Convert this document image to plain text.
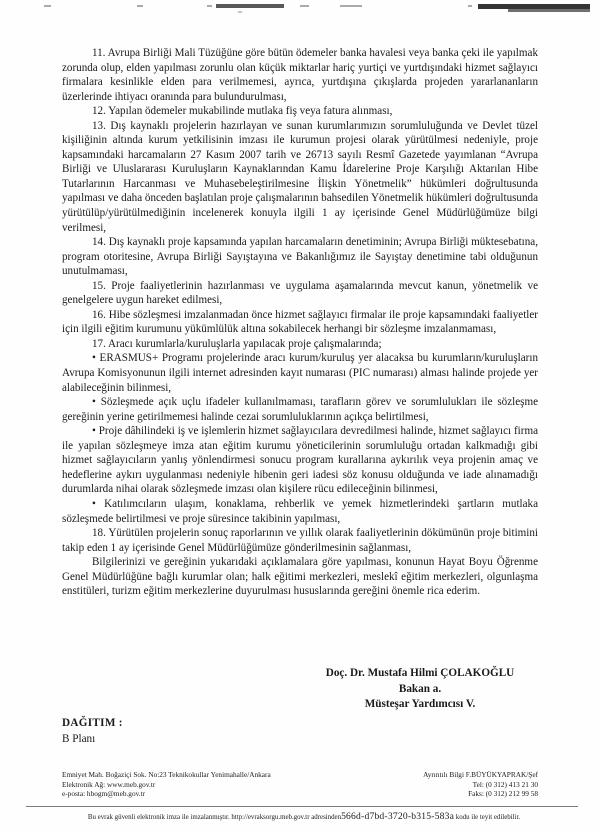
11. Avrupa Birliği Mali Tüzüğüne göre bütün ödemeler banka havalesi veya banka çeki ile yapılmak zorunda olup, elden yapılması zorunlu olan küçük miktarlar hariç yurtiçi ve yurtdışındaki hizmet sağlayıcı firmalara kesinlikle elden para verilmemesi, ayrıca, yurtdışına çıkışlarda projeden yararlananların üzerlerinde ihtiyacı oranında para bulundurulması,

12. Yapılan ödemeler mukabilinde mutlaka fiş veya fatura alınması,

13. Dış kaynaklı projelerin hazırlayan ve sunan kurumlarımızın sorumluluğunda ve Devlet tüzel kişiliğinin altında kurum yetkilisinin imzası ile kurumun projesi olarak yürütülmesi nedeniyle, proje kapsamındaki harcamaların 27 Kasım 2007 tarih ve 26713 sayılı Resmî Gazetede yayımlanan “Avrupa Birliği ve Uluslararası Kuruluşların Kaynaklarından Kamu İdarelerine Proje Karşılığı Aktarılan Hibe Tutarlarının Harcanması ve Muhasebeleştirilmesine İlişkin Yönetmelik” hükümleri doğrultusunda yapılması ve daha önceden başlatılan proje çalışmalarının bahsedilen Yönetmelik hükümleri doğrultusunda yürütülüp/yürütülmediğinin incelenerek konuyla ilgili 1 ay içerisinde Genel Müdürlüğümüze bilgi verilmesi,

14. Dış kaynaklı proje kapsamında yapılan harcamaların denetiminin; Avrupa Birliği müktesebatına, program otoritesine, Avrupa Birliği Sayıştayına ve Bakanlığımız ile Sayıştay denetimine tabi olduğunun unutulmaması,

15. Proje faaliyetlerinin hazırlanması ve uygulama aşamalarında mevcut kanun, yönetmelik ve genelgelere uygun hareket edilmesi,

16. Hibe sözleşmesi imzalanmadan önce hizmet sağlayıcı firmalar ile proje kapsamındaki faaliyetler için ilgili eğitim kurumunu yükümlülük altına sokabilecek herhangi bir sözleşme imzalanmaması,

17. Aracı kurumlarla/kuruluşlarla yapılacak proje çalışmalarında;

• ERASMUS+ Programı projelerinde aracı kurum/kuruluş yer alacaksa bu kurumların/kuruluşların Avrupa Komisyonunun ilgili internet adresinden kayıt numarası (PIC numarası) alması halinde projede yer alabileceğinin bilinmesi,

• Sözleşmede açık uçlu ifadeler kullanılmaması, tarafların görev ve sorumlulukları ile sözleşme gereğinin yerine getirilmemesi halinde cezai sorumluluklarının açıkça belirtilmesi,

• Proje dâhilindeki iş ve işlemlerin hizmet sağlayıcılara devredilmesi halinde, hizmet sağlayıcı firma ile yapılan sözleşmeye imza atan eğitim kurumu yöneticilerinin sorumluluğu ortadan kalkmadığı gibi hizmet sağlayıcıların yanlış yönlendirmesi sonucu program kurallarına aykırılık veya projenin amaç ve hedeflerine aykırı uygulanması nedeniyle hibenin geri iadesi söz konusu olduğunda ve iade alınamadığı durumlarda nihai olarak sözleşmede imzası olan kişilere rücu edileceğinin bilinmesi,

• Katılımcıların ulaşım, konaklama, rehberlik ve yemek hizmetlerindeki şartların mutlaka sözleşmede belirtilmesi ve proje süresince takibinin yapılması,

18. Yürütülen projelerin sonuç raporlarının ve yıllık olarak faaliyetlerinin dökümünün proje bitimini takip eden 1 ay içerisinde Genel Müdürlüğümüze gönderilmesinin sağlanması,

Bilgilerinizi ve gereğinin yukarıdaki açıklamalara göre yapılması, konunun Hayat Boyu Öğrenme Genel Müdürlüğüne bağlı kurumlar olan; halk eğitimi merkezleri, meslekî eğitim merkezleri, olgunlaşma enstitüleri, turizm eğitim merkezlerine duyurulması hususlarında gereğini önemle rica ederim.

Doç. Dr. Mustafa Hilmi ÇOLAKOĞLU
Bakan a.
Müsteşar Yardımcısı V.
DAĞITIM :
B Planı
Emniyet Mah. Boğaziçi Sok. No:23 Teknikokullar Yenimahalle/Ankara
Elektronik Ağ: www.meb.gov.tr
e-posta: hbogm@meb.gov.tr
Ayrıntılı Bilgi F.BÜYÜKYAPRAK/Şef
Tel: (0 312) 413 21 30
Faks: (0 312) 212 99 58
Bu evrak güvenli elektronik imza ile imzalanmıştır. http://evraksorgu.meb.gov.tr adresinden566d-d7bd-3720-b315-583a kodu ile teyit edilebilir.
